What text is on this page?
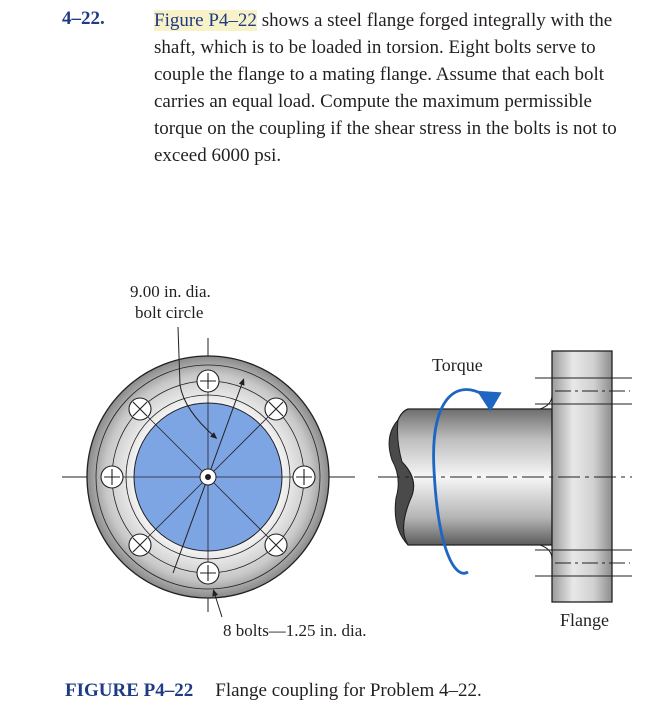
4–22.	Figure P4–22 shows a steel flange forged integrally with the shaft, which is to be loaded in torsion. Eight bolts serve to couple the flange to a mating flange. Assume that each bolt carries an equal load. Compute the maximum permissible torque on the coupling if the shear stress in the bolts is not to exceed 6000 psi.
9.00 in. dia.
bolt circle
8 bolts—1.25 in. dia.
Torque
Flange
FIGURE P4–22 Flange coupling for Problem 4–22.
